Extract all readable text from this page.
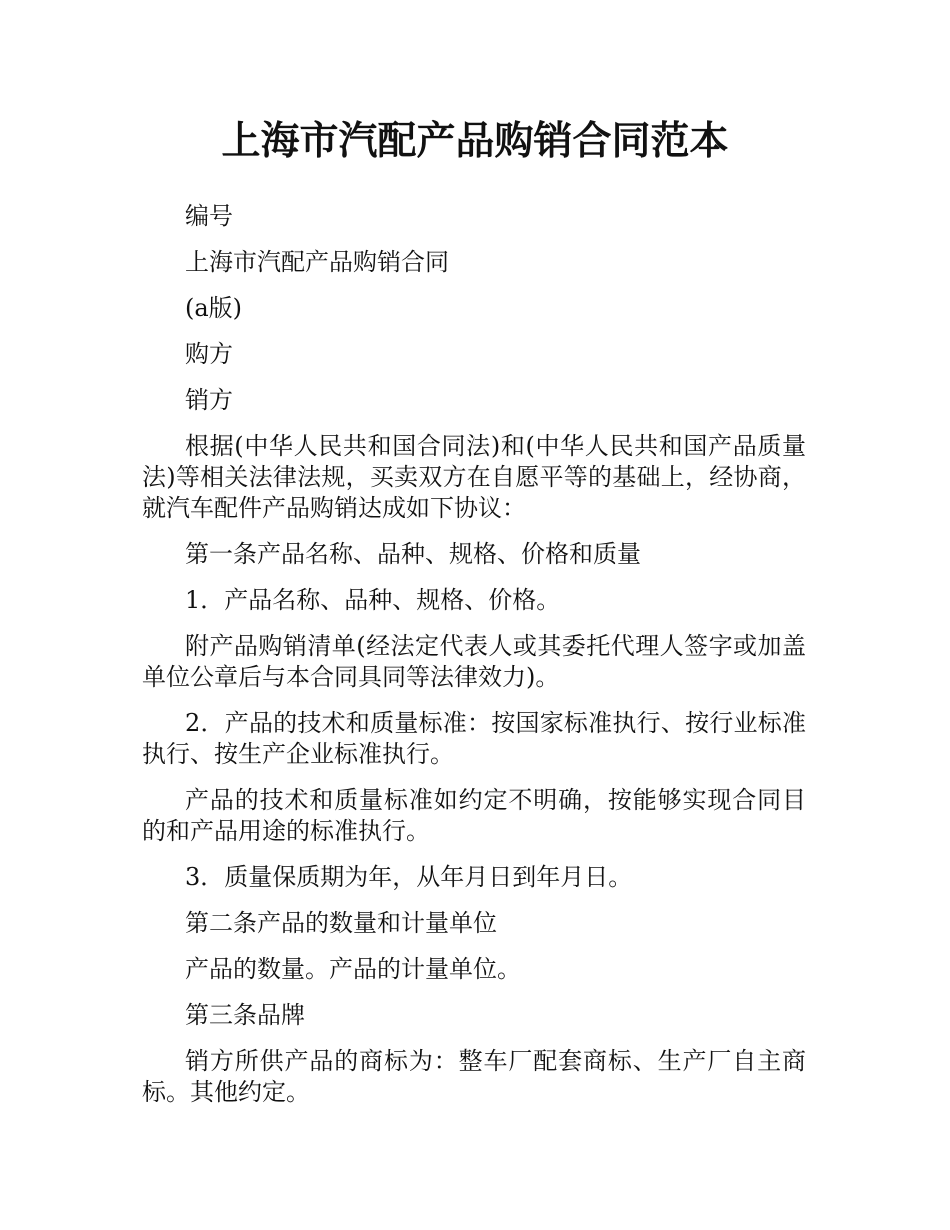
上海市汽配产品购销合同范本

编号

上海市汽配产品购销合同

(a版)

购方

销方

根据(中华人民共和国合同法)和(中华人民共和国产品质量法)等相关法律法规，买卖双方在自愿平等的基础上，经协商，就汽车配件产品购销达成如下协议：

第一条产品名称、品种、规格、价格和质量

1．产品名称、品种、规格、价格。

附产品购销清单(经法定代表人或其委托代理人签字或加盖单位公章后与本合同具同等法律效力)。

2．产品的技术和质量标准：按国家标准执行、按行业标准执行、按生产企业标准执行。

产品的技术和质量标准如约定不明确，按能够实现合同目的和产品用途的标准执行。

3．质量保质期为年，从年月日到年月日。

第二条产品的数量和计量单位

产品的数量。产品的计量单位。

第三条品牌

销方所供产品的商标为：整车厂配套商标、生产厂自主商标。其他约定。
